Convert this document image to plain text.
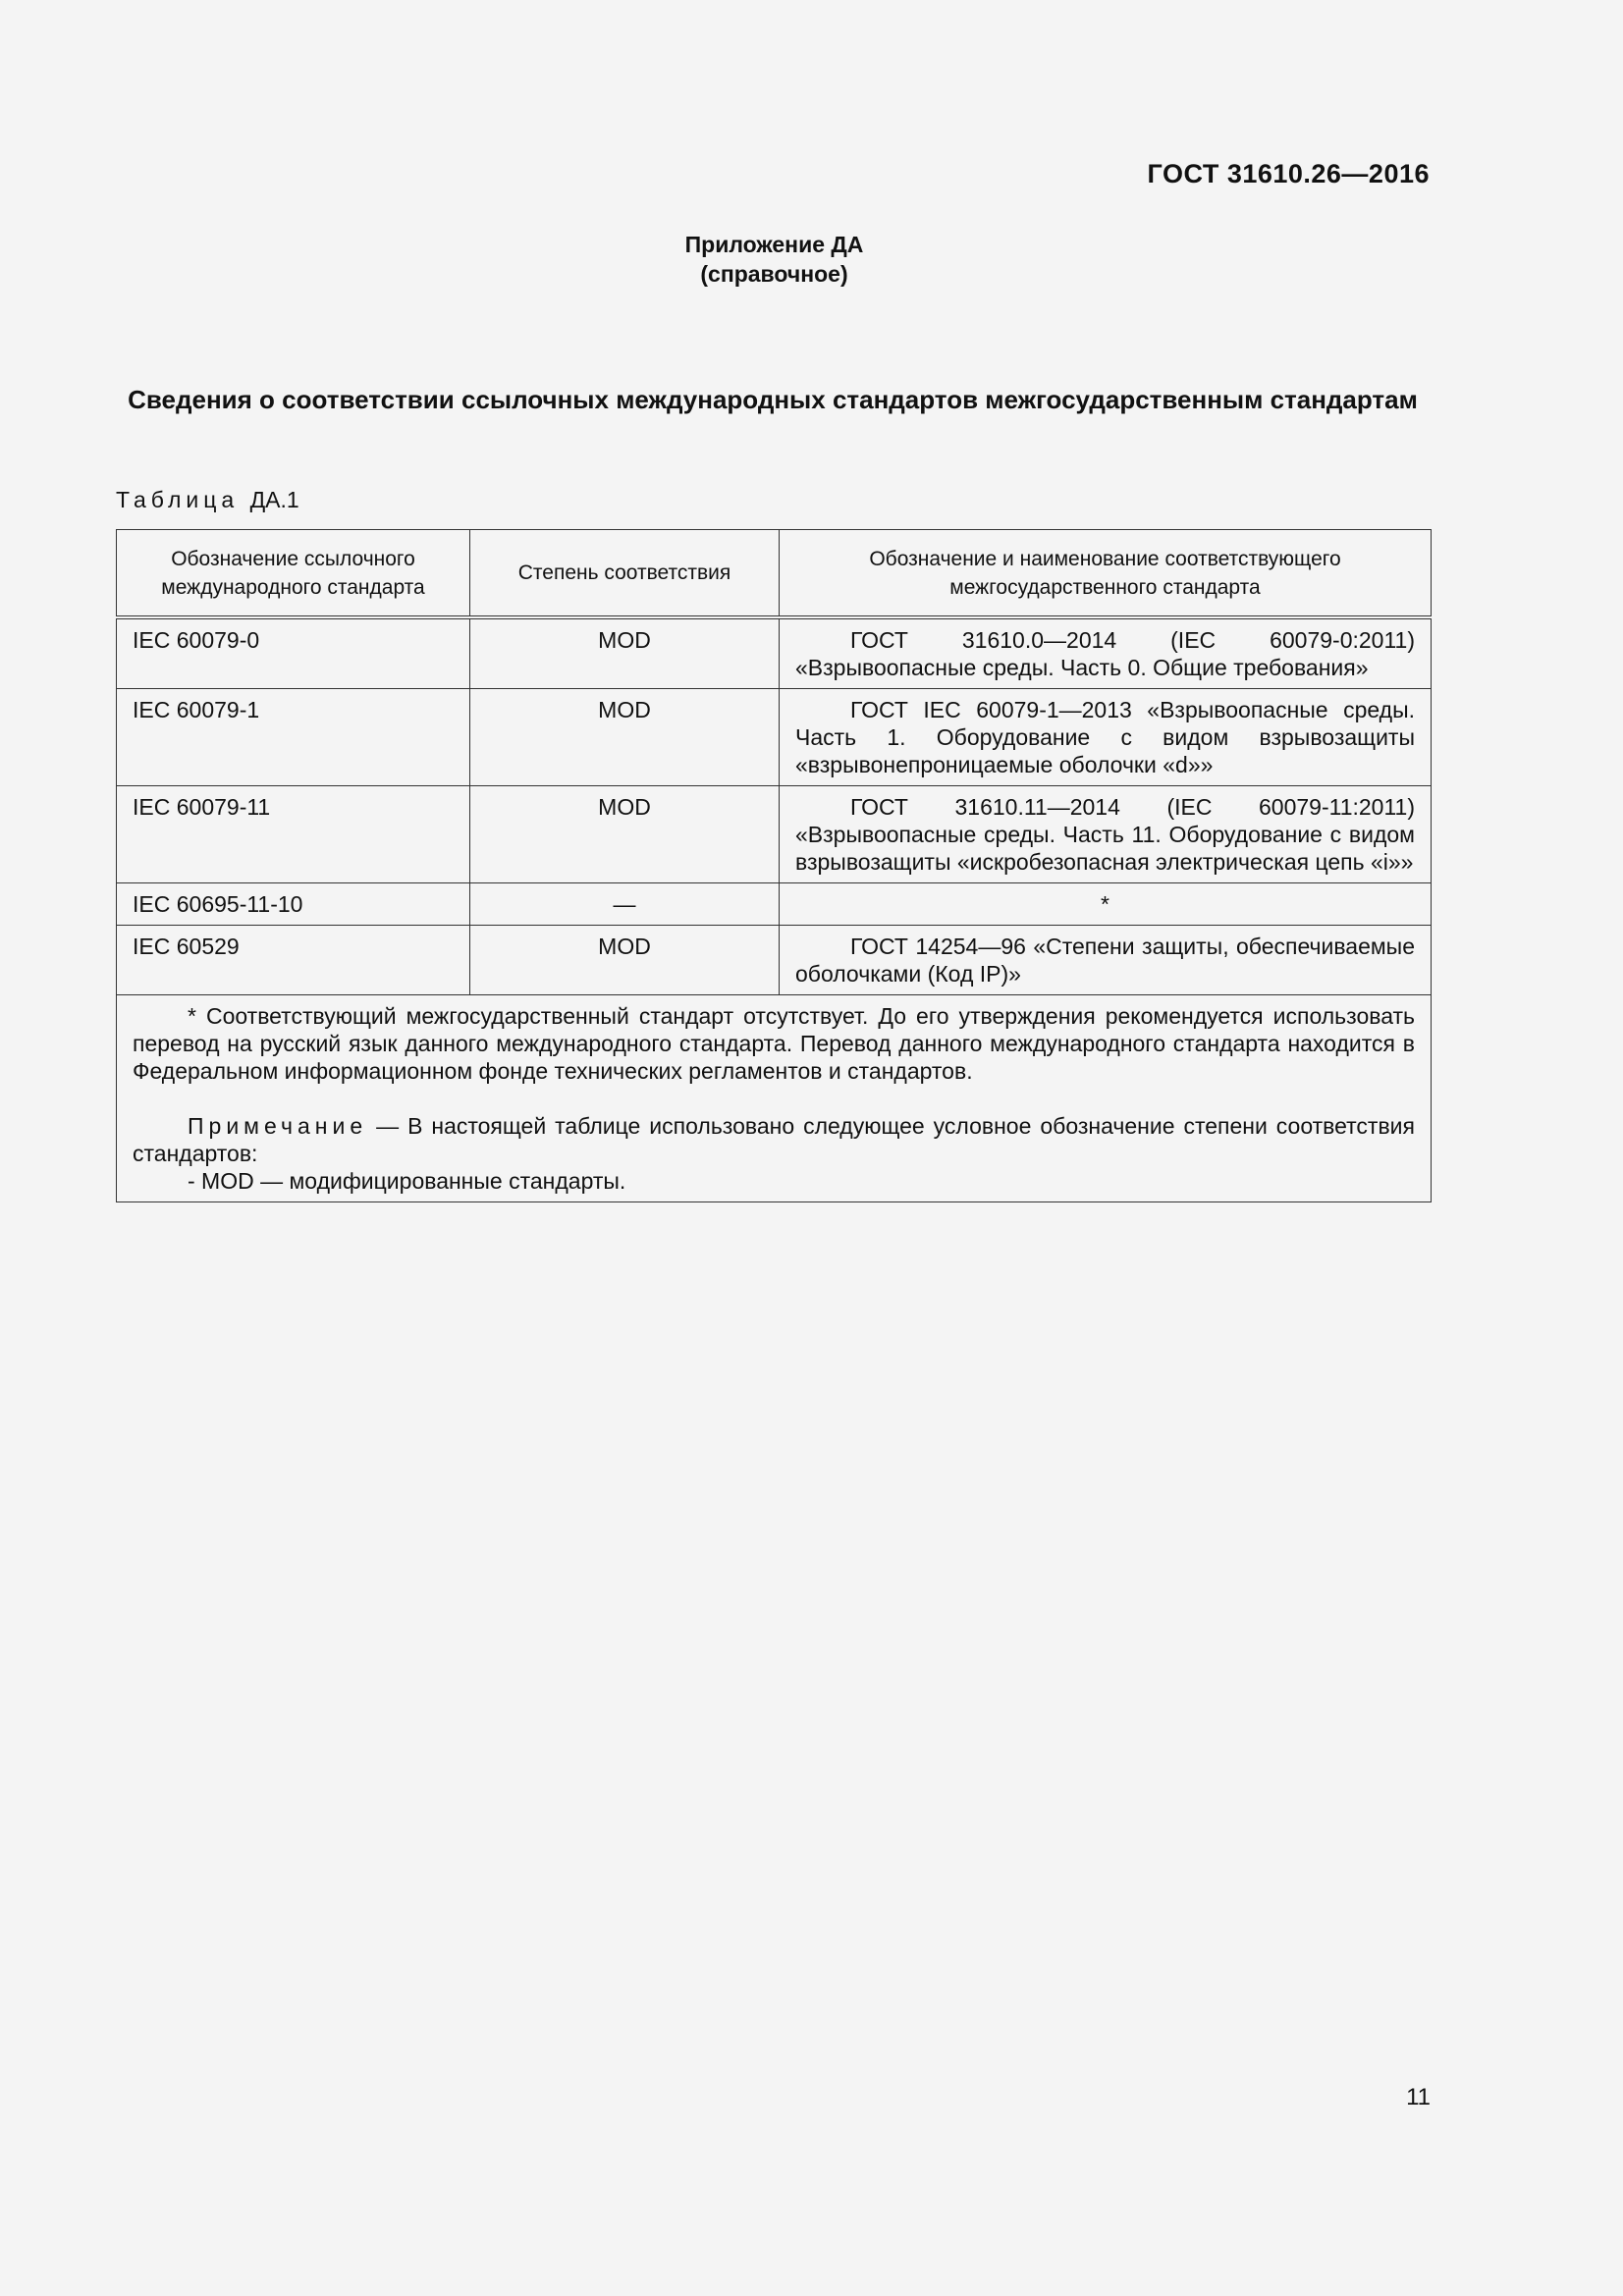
ГОСТ 31610.26—2016
Приложение ДА
(справочное)
Сведения о соответствии ссылочных международных стандартов межгосударственным стандартам
Таблица ДА.1
Обозначение ссылочного международного стандарта	Степень соответствия	Обозначение и наименование соответствующего межгосударственного стандарта
IEC 60079-0	MOD	ГОСТ 31610.0—2014 (IEC 60079-0:2011) «Взрывоопасные среды. Часть 0. Общие требования»
IEC 60079-1	MOD	ГОСТ IEC 60079-1—2013 «Взрывоопасные среды. Часть 1. Оборудование с видом взрывозащиты «взрывонепроницаемые оболочки «d»»
IEC 60079-11	MOD	ГОСТ 31610.11—2014 (IEC 60079-11:2011) «Взрывоопасные среды. Часть 11. Оборудование с видом взрывозащиты «искробезопасная электрическая цепь «i»»
IEC 60695-11-10	—	*
IEC 60529	MOD	ГОСТ 14254—96 «Степени защиты, обеспечиваемые оболочками (Код IP)»

* Соответствующий межгосударственный стандарт отсутствует. До его утверждения рекомендуется использовать перевод на русский язык данного международного стандарта. Перевод данного международного стандарта находится в Федеральном информационном фонде технических регламентов и стандартов.

Примечание — В настоящей таблице использовано следующее условное обозначение степени соответствия стандартов:

- MOD — модифицированные стандарты.		

11
